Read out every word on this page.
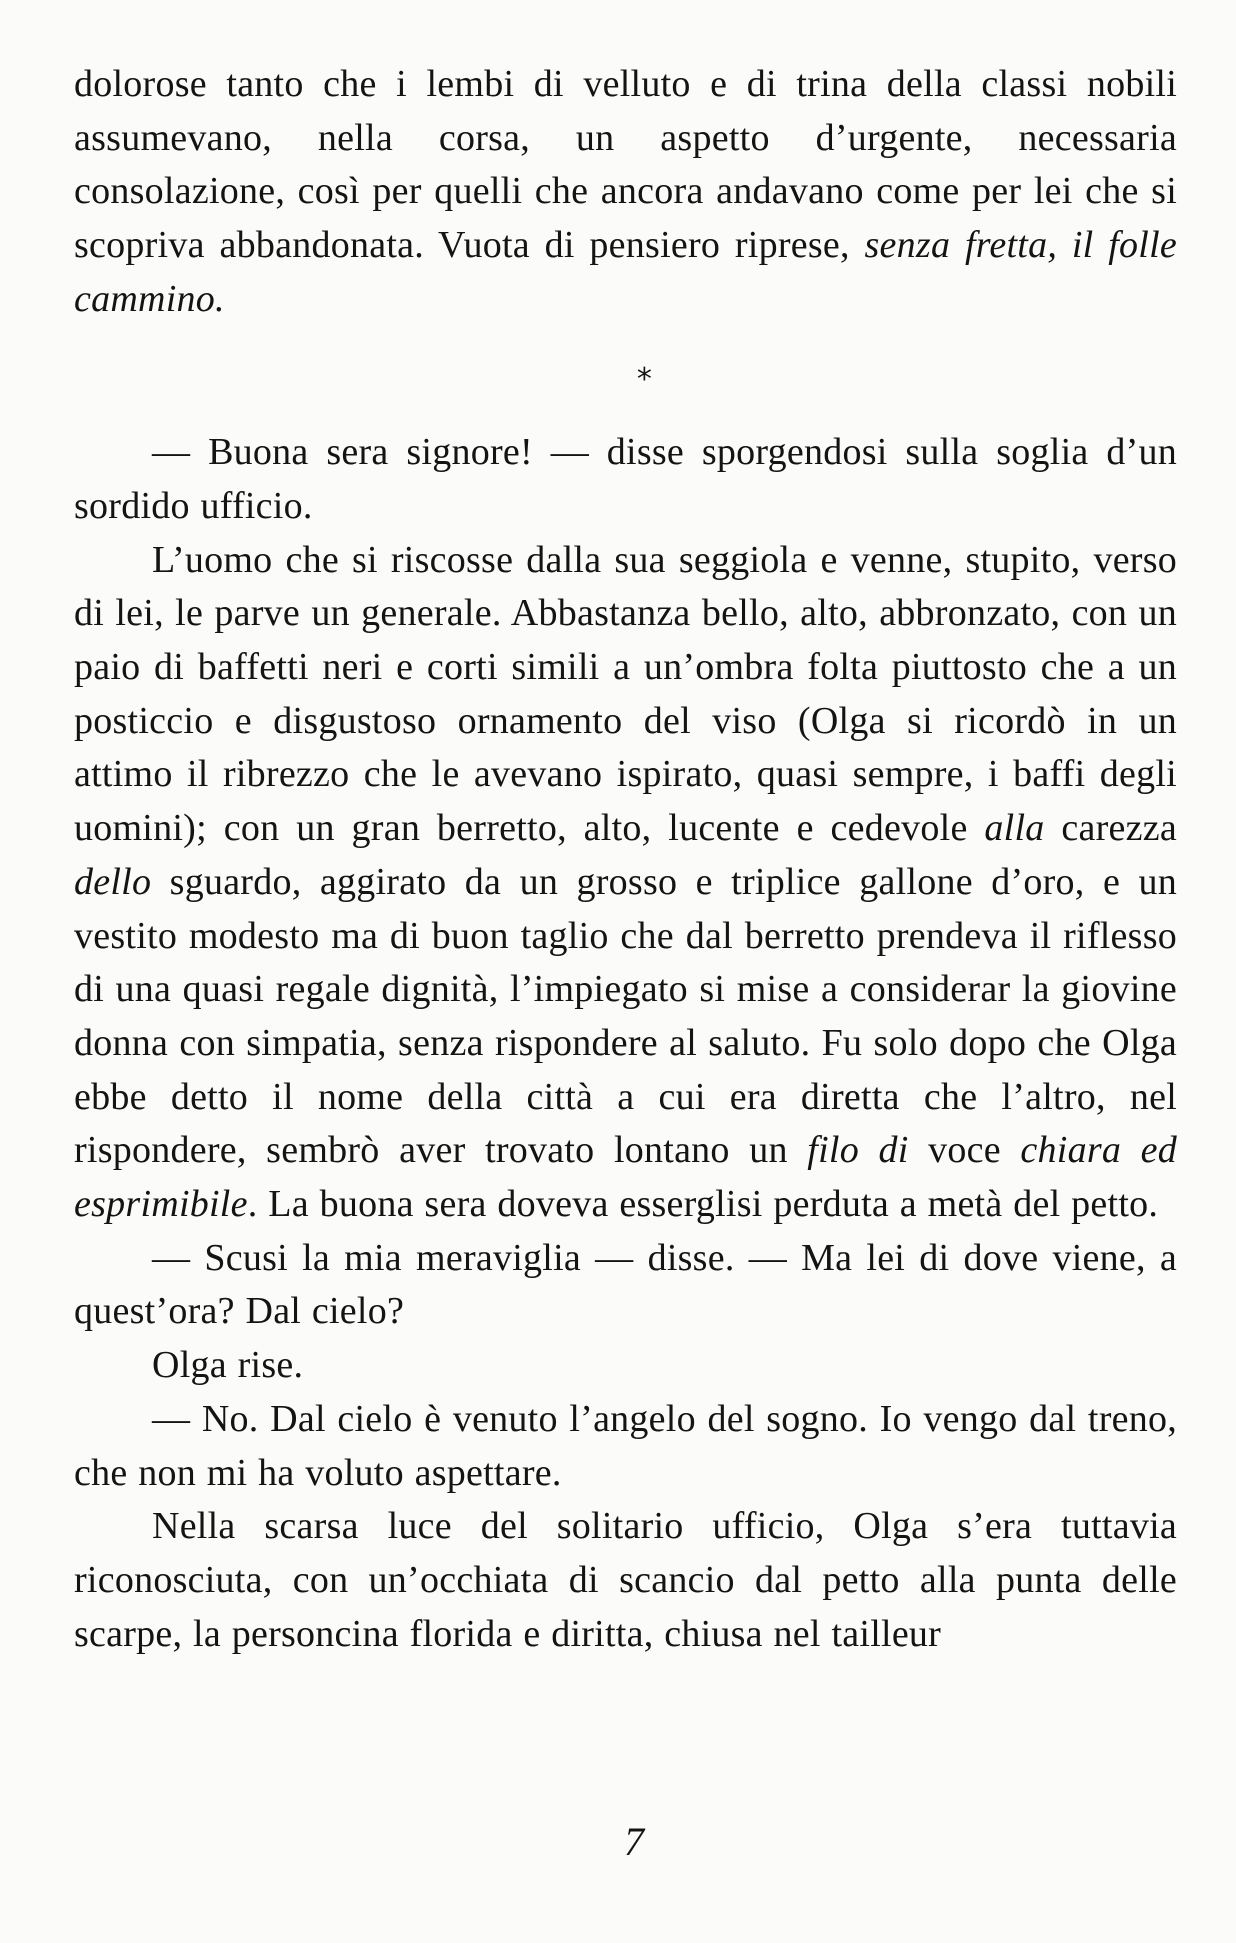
dolorose tanto che i lembi di velluto e di trina della classi nobili assumevano, nella corsa, un aspetto d’urgente, necessaria consolazione, così per quelli che ancora andavano come per lei che si scopriva abbandonata. Vuota di pensiero riprese, senza fretta, il folle cammino.

*

— Buona sera signore! — disse sporgendosi sulla soglia d’un sordido ufficio.

L’uomo che si riscosse dalla sua seggiola e venne, stupito, verso di lei, le parve un generale. Abbastanza bello, alto, abbronzato, con un paio di baffetti neri e corti simili a un’ombra folta piuttosto che a un posticcio e disgustoso ornamento del viso (Olga si ricordò in un attimo il ribrezzo che le avevano ispirato, quasi sempre, i baffi degli uomini); con un gran berretto, alto, lucente e cedevole alla carezza dello sguardo, aggirato da un grosso e triplice gallone d’oro, e un vestito modesto ma di buon taglio che dal berretto prendeva il riflesso di una quasi regale dignità, l’impiegato si mise a considerar la giovine donna con simpatia, senza rispondere al saluto. Fu solo dopo che Olga ebbe detto il nome della città a cui era diretta che l’altro, nel rispondere, sembrò aver trovato lontano un filo di voce chiara ed esprimibile. La buona sera doveva esserglisi perduta a metà del petto.

— Scusi la mia meraviglia — disse. — Ma lei di dove viene, a quest’ora? Dal cielo?

Olga rise.

— No. Dal cielo è venuto l’angelo del sogno. Io vengo dal treno, che non mi ha voluto aspettare.

Nella scarsa luce del solitario ufficio, Olga s’era tuttavia riconosciuta, con un’occhiata di scancio dal petto alla punta delle scarpe, la personcina florida e diritta, chiusa nel tailleur

7
